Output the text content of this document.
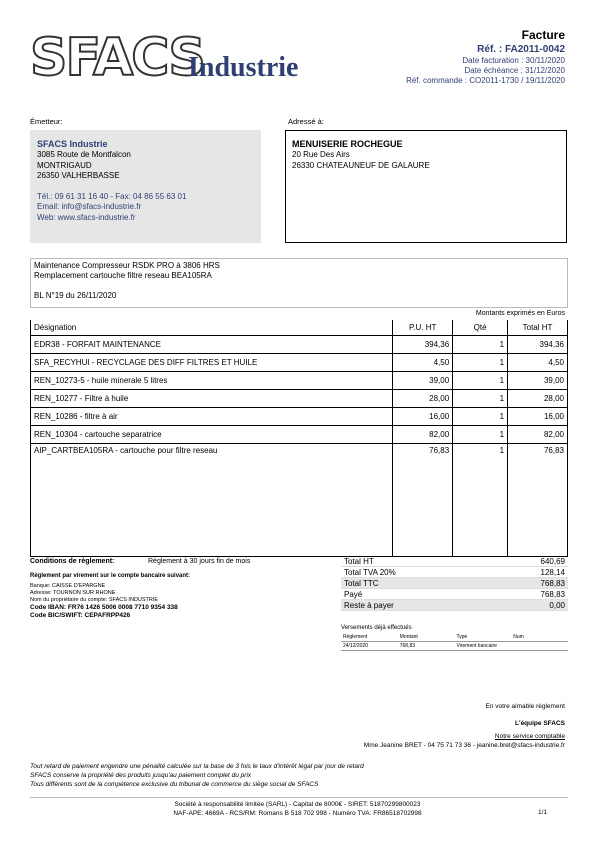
SFACS
Industrie
Facture
Réf. : FA2011-0042
Date facturation : 30/11/2020
Date échéance : 31/12/2020
Réf. commande : CO2011-1730 / 19/11/2020
Émetteur:	Adressé à:
SFACS Industrie
3085 Route de Montfalcon
MONTRIGAUD
26350 VALHERBASSE
Tél.: 09 61 31 16 40 - Fax: 04 86 55 63 01
Email: info@sfacs-industrie.fr
Web: www.sfacs-industrie.fr
MENUISERIE ROCHEGUE
20 Rue Des Airs
26330 CHATEAUNEUF DE GALAURE
Maintenance Compresseur RSDK PRO à 3806 HRS
Remplacement cartouche filtre reseau BEA105RA
BL N°19 du 26/11/2020
Montants exprimés en Euros
Désignation	P.U. HT	Qté	Total HT
EDR38 - FORFAIT MAINTENANCE	394,36	1	394,36
SFA_RECYHUI - RECYCLAGE DES DIFF FILTRES ET HUILE	4,50	1	4,50
REN_10273-5 - huile minerale 5 litres	39,00	1	39,00
REN_10277 - Filtre à huile	28,00	1	28,00
REN_10286 - filtre à air	16,00	1	16,00
REN_10304 - cartouche separatrice	82,00	1	82,00
AIP_CARTBEA105RA - cartouche pour filtre reseau	76,83	1	76,83
Conditions de règlement:	Règlement à 30 jours fin de mois
Règlement par virement sur le compte bancaire suivant:
Banque: CAISSE D'EPARGNE
Adresse: TOURNON SUR RHONE
Nom du propriétaire du compte: SFACS INDUSTRIE
Code IBAN: FR76 1426 5006 0008 7710 9354 338
Code BIC/SWIFT: CEPAFRPP426
Total HT	640,69
Total TVA 20%	128,14
Total TTC	768,83
Payé	768,83
Reste à payer	0,00
Versements déjà effectués
Règlement	Montant	Type	Num
24/12/2020	768,83	Virement bancaire	
En votre aimable règlement
L'équipe SFACS
Notre service comptable
Mme Jeanine BRET - 04 75 71 73 36 - jeanine.bret@sfacs-industrie.fr
Tout retard de paiement engendre une pénalité calculée sur la base de 3 fois le taux d'intérêt légal par jour de retard
SFACS conserve la propriété des produits jusqu'au paiement complet du prix
Tous différents sont de la compétence exclusive du tribunal de commerce du siège social de SFACS
Société à responsabilité limitée (SARL) - Capital de 8000€ - SIRET: 51870299800023
NAF-APE: 4669A - RCS/RM: Romans B 518 702 998 - Numéro TVA: FR86518702998	1/1
